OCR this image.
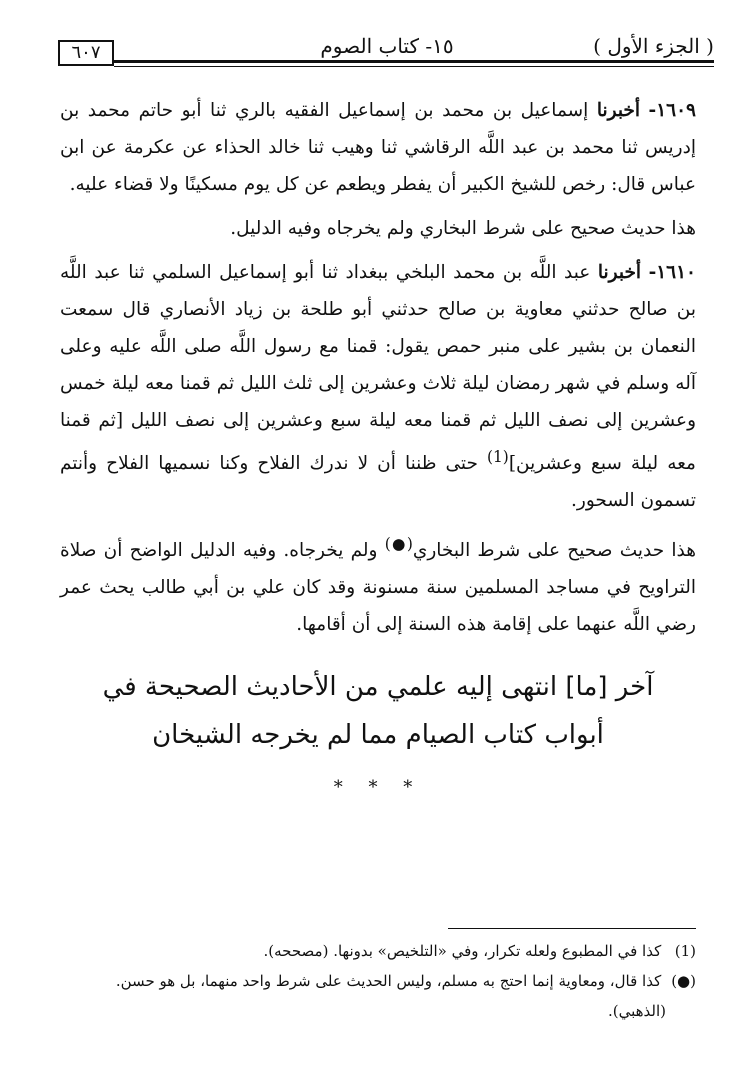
( الجزء الأول )
١٥- كتاب الصوم
٦٠٧

١٦٠٩- أخبرنا إسماعيل بن محمد بن إسماعيل الفقيه بالري ثنا أبو حاتم محمد بن إدريس ثنا محمد بن عبد اللَّه الرقاشي ثنا وهيب ثنا خالد الحذاء عن عكرمة عن ابن عباس قال: رخص للشيخ الكبير أن يفطر ويطعم عن كل يوم مسكينًا ولا قضاء عليه.

هذا حديث صحيح على شرط البخاري ولم يخرجاه وفيه الدليل.

١٦١٠- أخبرنا عبد اللَّه بن محمد البلخي ببغداد ثنا أبو إسماعيل السلمي ثنا عبد اللَّه بن صالح حدثني معاوية بن صالح حدثني أبو طلحة بن زياد الأنصاري قال سمعت النعمان بن بشير على منبر حمص يقول: قمنا مع رسول اللَّه صلى اللَّه عليه وعلى آله وسلم في شهر رمضان ليلة ثلاث وعشرين إلى ثلث الليل ثم قمنا معه ليلة خمس وعشرين إلى نصف الليل ثم قمنا معه ليلة سبع وعشرين إلى نصف الليل [ثم قمنا معه ليلة سبع وعشرين]$^{(1)}$ حتى ظننا أن لا ندرك الفلاح وكنا نسميها الفلاح وأنتم تسمون السحور.

هذا حديث صحيح على شرط البخاري(●) ولم يخرجاه. وفيه الدليل الواضح أن صلاة التراويح في مساجد المسلمين سنة مسنونة وقد كان علي بن أبي طالب يحث عمر رضي اللَّه عنهما على إقامة هذه السنة إلى أن أقامها.

آخر [ما] انتهى إليه علمي من الأحاديث الصحيحة في
أبواب كتاب الصيام مما لم يخرجه الشيخان
* * *

(1) كذا في المطبوع ولعله تكرار، وفي «التلخيص» بدونها. (مصححه).

(●) كذا قال، ومعاوية إنما احتج به مسلم، وليس الحديث على شرط واحد منهما، بل هو حسن.

(الذهبي).
